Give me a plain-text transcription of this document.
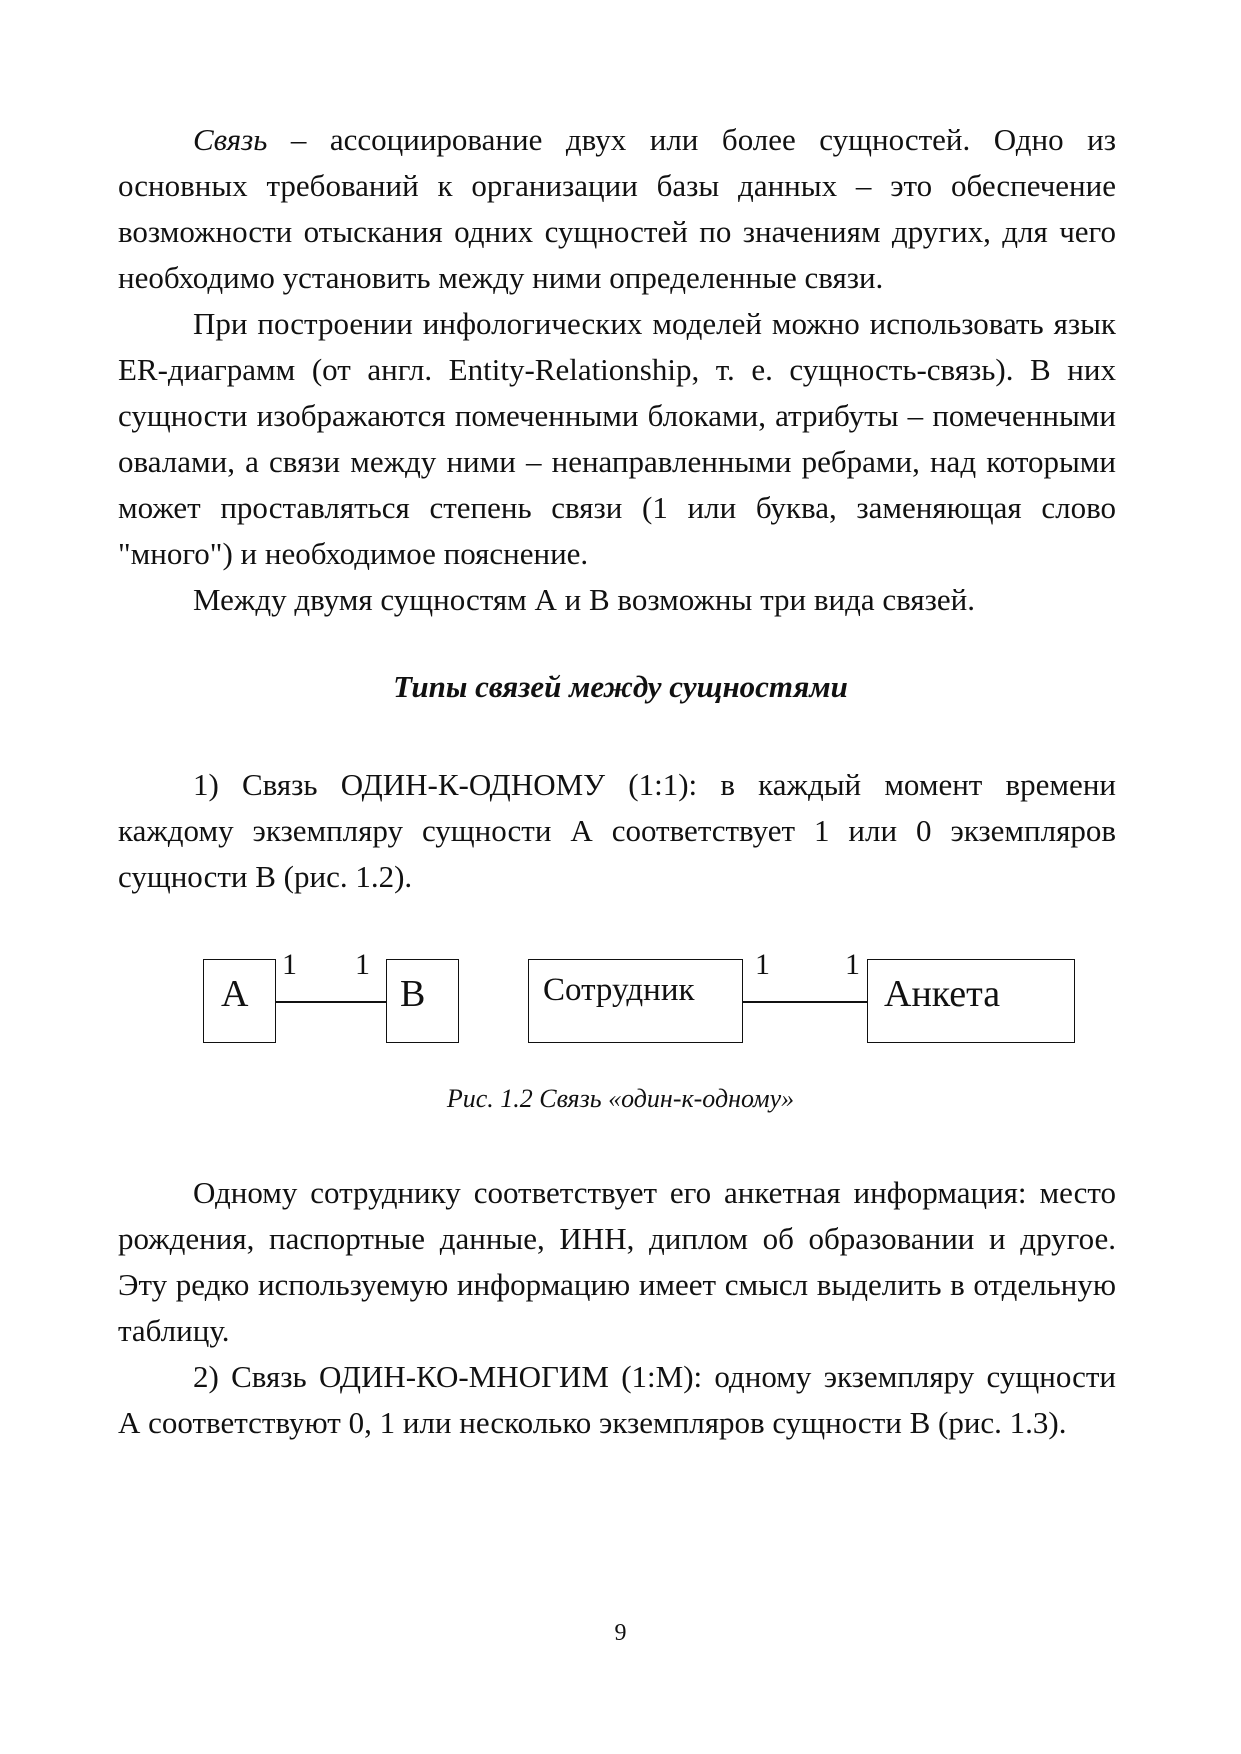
Связь – ассоциирование двух или более сущностей. Одно из основных требований к организации базы данных – это обеспечение возможности отыскания одних сущностей по значениям других, для чего необходимо установить между ними определенные связи.

При построении инфологических моделей можно использовать язык ER-диаграмм (от англ. Entity-Relationship, т. е. сущность-связь). В них сущности изображаются помеченными блоками, атрибуты – помеченными овалами, а связи между ними – ненаправленными ребрами, над которыми может проставляться степень связи (1 или буква, заменяющая слово "много") и необходимое пояснение.

Между двумя сущностям А и В возможны три вида связей.

Типы связей между сущностями

1) Связь ОДИН-К-ОДНОМУ (1:1): в каждый момент времени каждому экземпляру сущности А соответствует 1 или 0 экземпляров сущности В (рис. 1.2).

А	В
1 1
Сотрудник	Анкета
1	1
Рис. 1.2 Связь «один-к-одному»

Одному сотруднику соответствует его анкетная информация: место рождения, паспортные данные, ИНН, диплом об образовании и другое. Эту редко используемую информацию имеет смысл выделить в отдельную таблицу.

2) Связь ОДИН-КО-МНОГИМ (1:М): одному экземпляру сущности А соответствуют 0, 1 или несколько экземпляров сущности В (рис. 1.3).

9
